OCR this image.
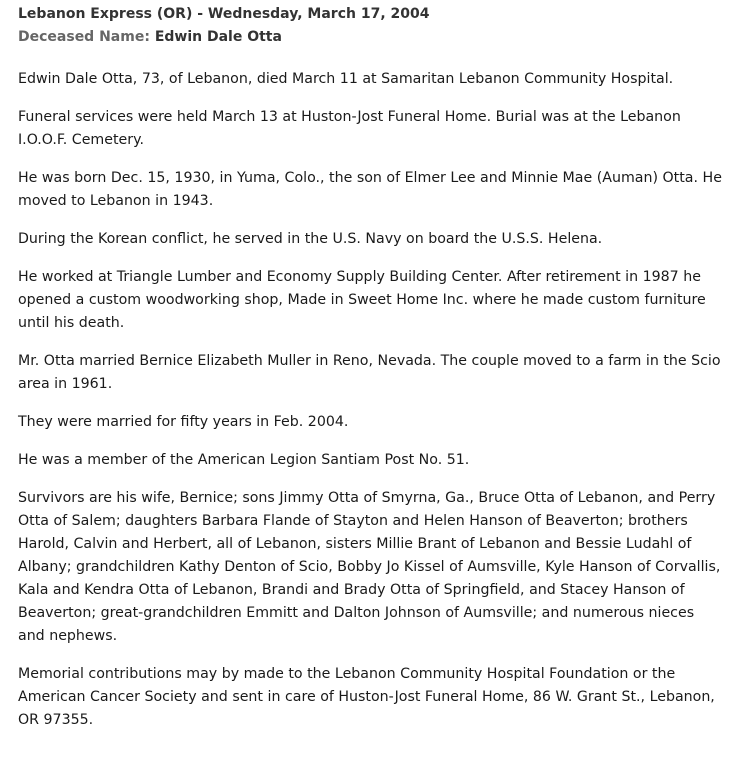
Lebanon Express (OR) - Wednesday, March 17, 2004
Deceased Name: Edwin Dale Otta

Edwin Dale Otta, 73, of Lebanon, died March 11 at Samaritan Lebanon Community Hospital.

Funeral services were held March 13 at Huston-Jost Funeral Home. Burial was at the Lebanon I.O.O.F. Cemetery.

He was born Dec. 15, 1930, in Yuma, Colo., the son of Elmer Lee and Minnie Mae (Auman) Otta. He moved to Lebanon in 1943.

During the Korean conflict, he served in the U.S. Navy on board the U.S.S. Helena.

He worked at Triangle Lumber and Economy Supply Building Center. After retirement in 1987 he opened a custom woodworking shop, Made in Sweet Home Inc. where he made custom furniture until his death.

Mr. Otta married Bernice Elizabeth Muller in Reno, Nevada. The couple moved to a farm in the Scio area in 1961.

They were married for fifty years in Feb. 2004.

He was a member of the American Legion Santiam Post No. 51.

Survivors are his wife, Bernice; sons Jimmy Otta of Smyrna, Ga., Bruce Otta of Lebanon, and Perry Otta of Salem; daughters Barbara Flande of Stayton and Helen Hanson of Beaverton; brothers Harold, Calvin and Herbert, all of Lebanon, sisters Millie Brant of Lebanon and Bessie Ludahl of Albany; grandchildren Kathy Denton of Scio, Bobby Jo Kissel of Aumsville, Kyle Hanson of Corvallis, Kala and Kendra Otta of Lebanon, Brandi and Brady Otta of Springfield, and Stacey Hanson of Beaverton; great-grandchildren Emmitt and Dalton Johnson of Aumsville; and numerous nieces and nephews.

Memorial contributions may by made to the Lebanon Community Hospital Foundation or the American Cancer Society and sent in care of Huston-Jost Funeral Home, 86 W. Grant St., Lebanon, OR 97355.
